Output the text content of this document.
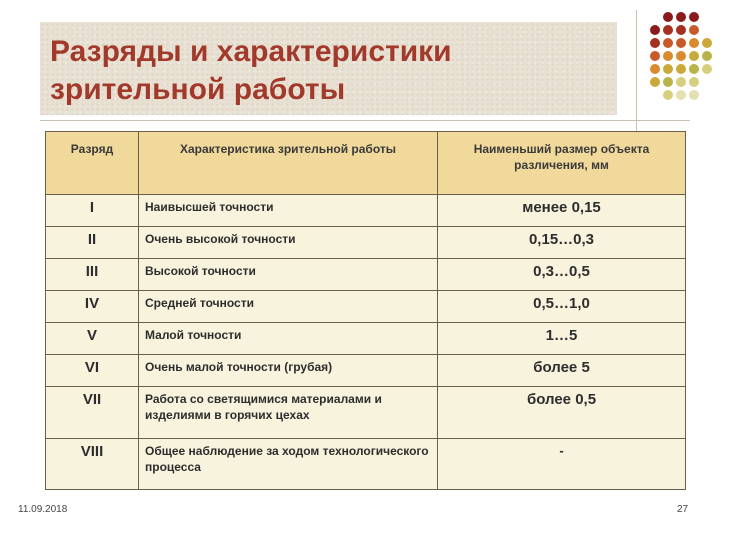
Разряды и характеристики
зрительной работы
Разряд	Характеристика зрительной работы	Наименьший размер объекта различения, мм
I	Наивысшей точности	менее 0,15
II	Очень высокой точности	0,15…0,3
III	Высокой точности	0,3…0,5
IV	Средней точности	0,5…1,0
V	Малой точности	1…5
VI	Очень малой точности (грубая)	более 5
VII	Работа со светящимися материалами и изделиями в горячих цехах	более 0,5
VIII	Общее наблюдение за ходом технологического процесса	-
11.09.2018	27
